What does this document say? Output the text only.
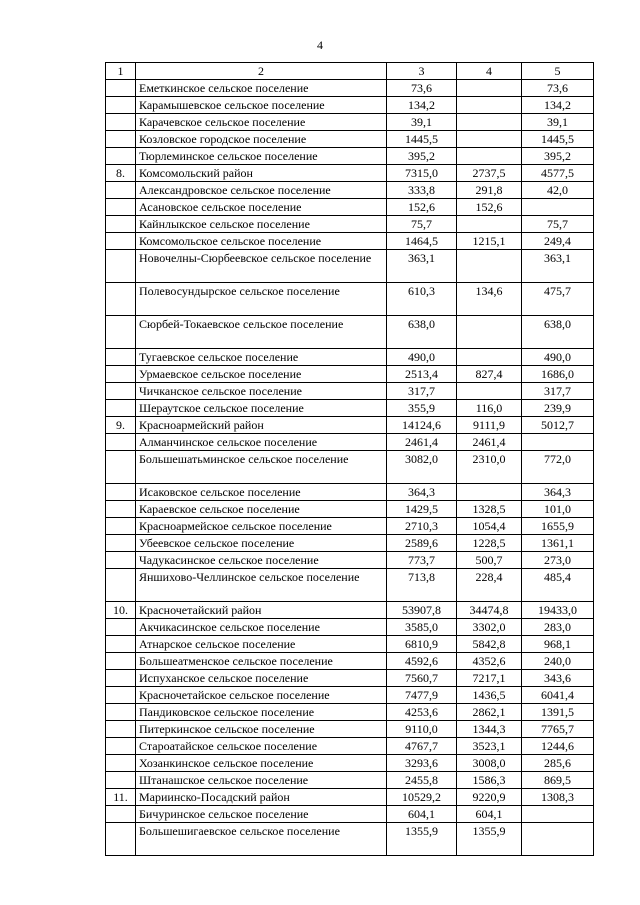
4
1	2	3	4	5
	Еметкинское сельское поселение	73,6		73,6
	Карамышевское сельское поселение	134,2		134,2
	Карачевское сельское поселение	39,1		39,1
	Козловское городское поселение	1445,5		1445,5
	Тюрлеминское сельское поселение	395,2		395,2
8.	Комсомольский район	7315,0	2737,5	4577,5
	Александровское сельское поселение	333,8	291,8	42,0
	Асановское сельское поселение	152,6	152,6	
	Кайнлыкское сельское поселение	75,7		75,7
	Комсомольское сельское поселение	1464,5	1215,1	249,4
	Новочелны-Сюрбеевское сельское поселение	363,1		363,1
	Полевосундырское сельское поселение	610,3	134,6	475,7
	Сюрбей-Токаевское сельское поселение	638,0		638,0
	Тугаевское сельское поселение	490,0		490,0
	Урмаевское сельское поселение	2513,4	827,4	1686,0
	Чичканское сельское поселение	317,7		317,7
	Шераутское сельское поселение	355,9	116,0	239,9
9.	Красноармейский район	14124,6	9111,9	5012,7
	Алманчинское сельское поселение	2461,4	2461,4	
	Большешатьминское сельское поселение	3082,0	2310,0	772,0
	Исаковское сельское поселение	364,3		364,3
	Караевское сельское поселение	1429,5	1328,5	101,0
	Красноармейское сельское поселение	2710,3	1054,4	1655,9
	Убеевское сельское поселение	2589,6	1228,5	1361,1
	Чадукасинское сельское поселение	773,7	500,7	273,0
	Яншихово-Челлинское сельское поселение	713,8	228,4	485,4
10.	Красночетайский район	53907,8	34474,8	19433,0
	Акчикасинское сельское поселение	3585,0	3302,0	283,0
	Атнарское сельское поселение	6810,9	5842,8	968,1
	Большеатменское сельское поселение	4592,6	4352,6	240,0
	Испуханское сельское поселение	7560,7	7217,1	343,6
	Красночетайское сельское поселение	7477,9	1436,5	6041,4
	Пандиковское сельское поселение	4253,6	2862,1	1391,5
	Питеркинское сельское поселение	9110,0	1344,3	7765,7
	Староатайское сельское поселение	4767,7	3523,1	1244,6
	Хозанкинское сельское поселение	3293,6	3008,0	285,6
	Штанашское сельское поселение	2455,8	1586,3	869,5
11.	Мариинско-Посадский район	10529,2	9220,9	1308,3
	Бичуринское сельское поселение	604,1	604,1	
	Большешигаевское сельское поселение	1355,9	1355,9	
